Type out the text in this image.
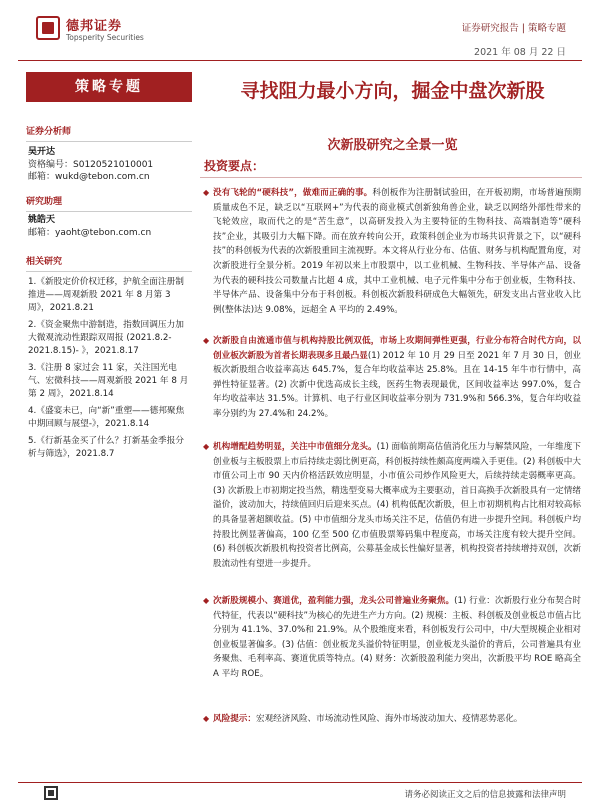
德邦证券
Topsperity Securities
证券研究报告 | 策略专题
2021 年 08 月 22 日
策略专题
证券分析师
吴开达
资格编号：S0120521010001
邮箱：wukd@tebon.com.cn
研究助理
姚皓天
邮箱：yaoht@tebon.com.cn
相关研究
1.《新股定价价权迁移，护航全面注册制推进——周观新股 2021 年 8 月第 3 周》，2021.8.21
2.《资金聚焦中游制造，指数回调压力加大微观流动性跟踪双周报 (2021.8.2-2021.8.15)- 》，2021.8.17
3.《注册 8 家过会 11 家，关注国光电气、宏微科技——周观新股 2021 年 8 月第 2 周》，2021.8.14
4.《盛宴未已，向“新”重塑——德邦聚焦中期回顾与展望-》，2021.8.14
5.《行新基金买了什么？打新基金季报分析与筛选》，2021.8.7
寻找阻力最小方向，掘金中盘次新股
次新股研究之全景一览
投资要点：
◆ 没有飞轮的“硬科技”，做难而正确的事。科创板作为注册制试验田，在开板初期，市场普遍预期质量成色不足，缺乏以“互联网+”为代表的商业模式创新独角兽企业，缺乏以网络外部性带来的飞轮效应，取而代之的是“苦生意”，以高研发投入为主要特征的生物科技、高端制造等“硬科技”企业，其吸引力大幅下降。而在放弃转向公开，政策科创企业为市场共识背景之下，以“硬科技”的科创板为代表的次新股重回主流视野。本文将从行业分布、估值、财务与机构配置角度，对次新股进行全景分析。2019 年初以来上市股票中，以工业机械、生物科技、半导体产品、设备为代表的硬科技公司数量占比超 4 成，其中工业机械、电子元件集中分布于创业板，生物科技、半导体产品、设备集中分布于科创板。科创板次新股科研成色大幅领先，研发支出占营业收入比例(整体法)达 9.08%，远超全 A 平均的 2.49%。
◆ 次新股自由流通市值与机构持股比例双低，市场上攻期间弹性更强，行业分布符合时代方向，以创业板次新股为首者长期表现多且最凸显(1) 2012 年 10 月 29 日至 2021 年 7 月 30 日，创业板次新股组合收益率高达 645.7%，复合年均收益率达 25.8%。且在 14-15 年牛市行情中，高弹性特征显著。(2) 次新中优选高成长主线，医药生物表现最优，区间收益率达 997.0%，复合年均收益率达 31.5%。计算机、电子行业区间收益率分别为 731.9%和 566.3%，复合年均收益率分别约为 27.4%和 24.2%。
◆ 机构增配趋势明显，关注中市值细分龙头。(1) 面临前期高估值消化压力与解禁风险，一年维度下创业板与主板股票上市后持续走弱比例更高，科创板持续性颇高度两端入手更佳。(2) 科创板中大市值公司上市 90 天内价格活跃效应明显，小市值公司炒作风险更大，后续持续走弱概率更高。(3) 次新股上市初期定投当然，精选型变易大概率成为主要驱动，首日高换手次新股具有一定情绪溢价，波动加大，持续值回归后迎来买点。(4) 机构低配次新股，但上市初期机构占比相对较高标的具备显著超额收益。(5) 中市值细分龙头市场关注不足，估值仍有进一步提升空间。科创板户均持股比例显著偏高，100 亿至 500 亿市值股票筹码集中程度高，市场关注度有较大提升空间。(6) 科创板次新股机构投资者比例高，公募基金成长性偏好显著，机构投资者持续增持双创，次新股流动性有望进一步提升。
◆ 次新股规模小、赛道优，盈利能力强，龙头公司普遍业务聚焦。(1) 行业：次新股行业分布契合时代特征，代表以“硬科技”为核心的先进生产力方向。(2) 规模：主板、科创板及创业板总市值占比分别为 41.1%、37.0%和 21.9%。从个股维度来看，科创板发行公司中，中/大型规模企业相对创业板显著偏多。(3) 估值：创业板龙头溢价特征明显，创业板龙头溢价的背后，公司普遍具有业务聚焦、毛利率高、赛道优质等特点。(4) 财务：次新股盈利能力突出，次新股平均 ROE 略高全 A 平均 ROE。
◆ 风险提示：宏观经济风险、市场流动性风险、海外市场波动加大、疫情恶势恶化。
请务必阅读正文之后的信息披露和法律声明
